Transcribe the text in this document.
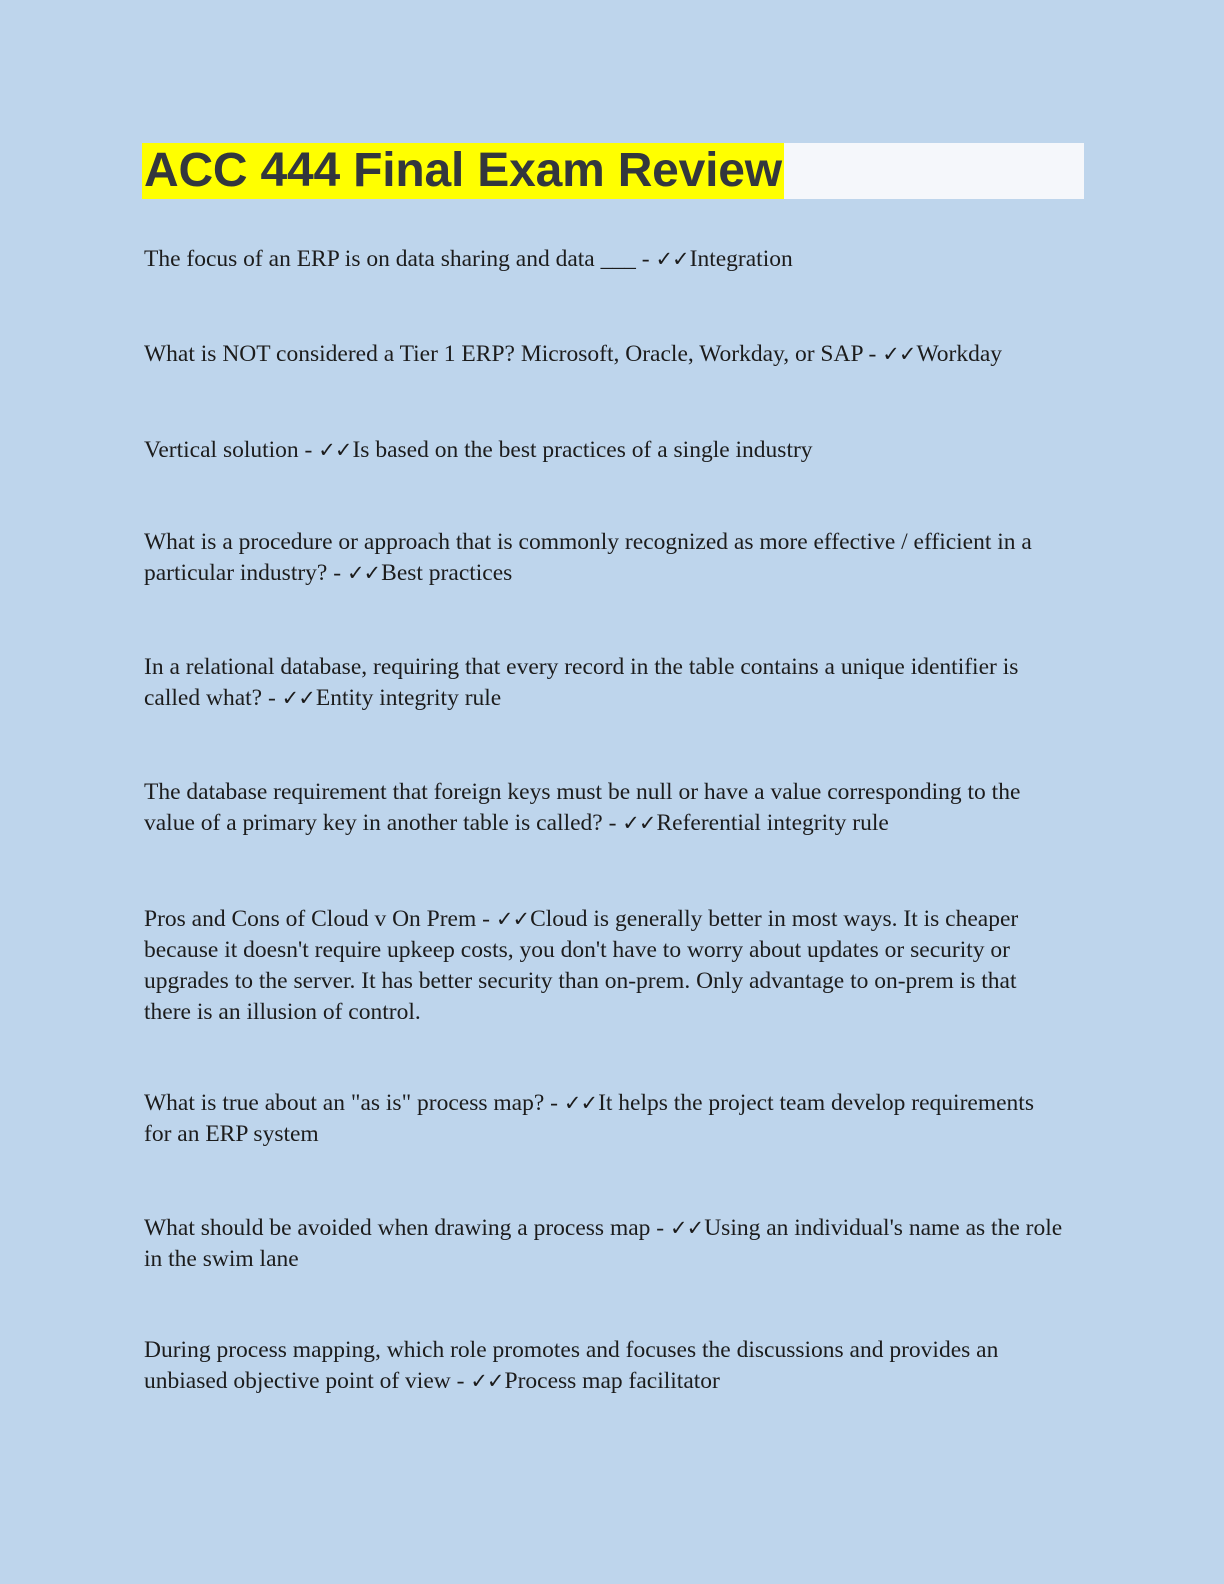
ACC 444 Final Exam Review
The focus of an ERP is on data sharing and data ___ - ✓✓Integration
What is NOT considered a Tier 1 ERP? Microsoft, Oracle, Workday, or SAP - ✓✓Workday
Vertical solution - ✓✓Is based on the best practices of a single industry
What is a procedure or approach that is commonly recognized as more effective / efficient in a particular industry? - ✓✓Best practices
In a relational database, requiring that every record in the table contains a unique identifier is called what? - ✓✓Entity integrity rule
The database requirement that foreign keys must be null or have a value corresponding to the value of a primary key in another table is called? - ✓✓Referential integrity rule
Pros and Cons of Cloud v On Prem - ✓✓Cloud is generally better in most ways. It is cheaper because it doesn't require upkeep costs, you don't have to worry about updates or security or upgrades to the server. It has better security than on-prem. Only advantage to on-prem is that there is an illusion of control.
What is true about an "as is" process map? - ✓✓It helps the project team develop requirements for an ERP system
What should be avoided when drawing a process map - ✓✓Using an individual's name as the role in the swim lane
During process mapping, which role promotes and focuses the discussions and provides an unbiased objective point of view - ✓✓Process map facilitator
